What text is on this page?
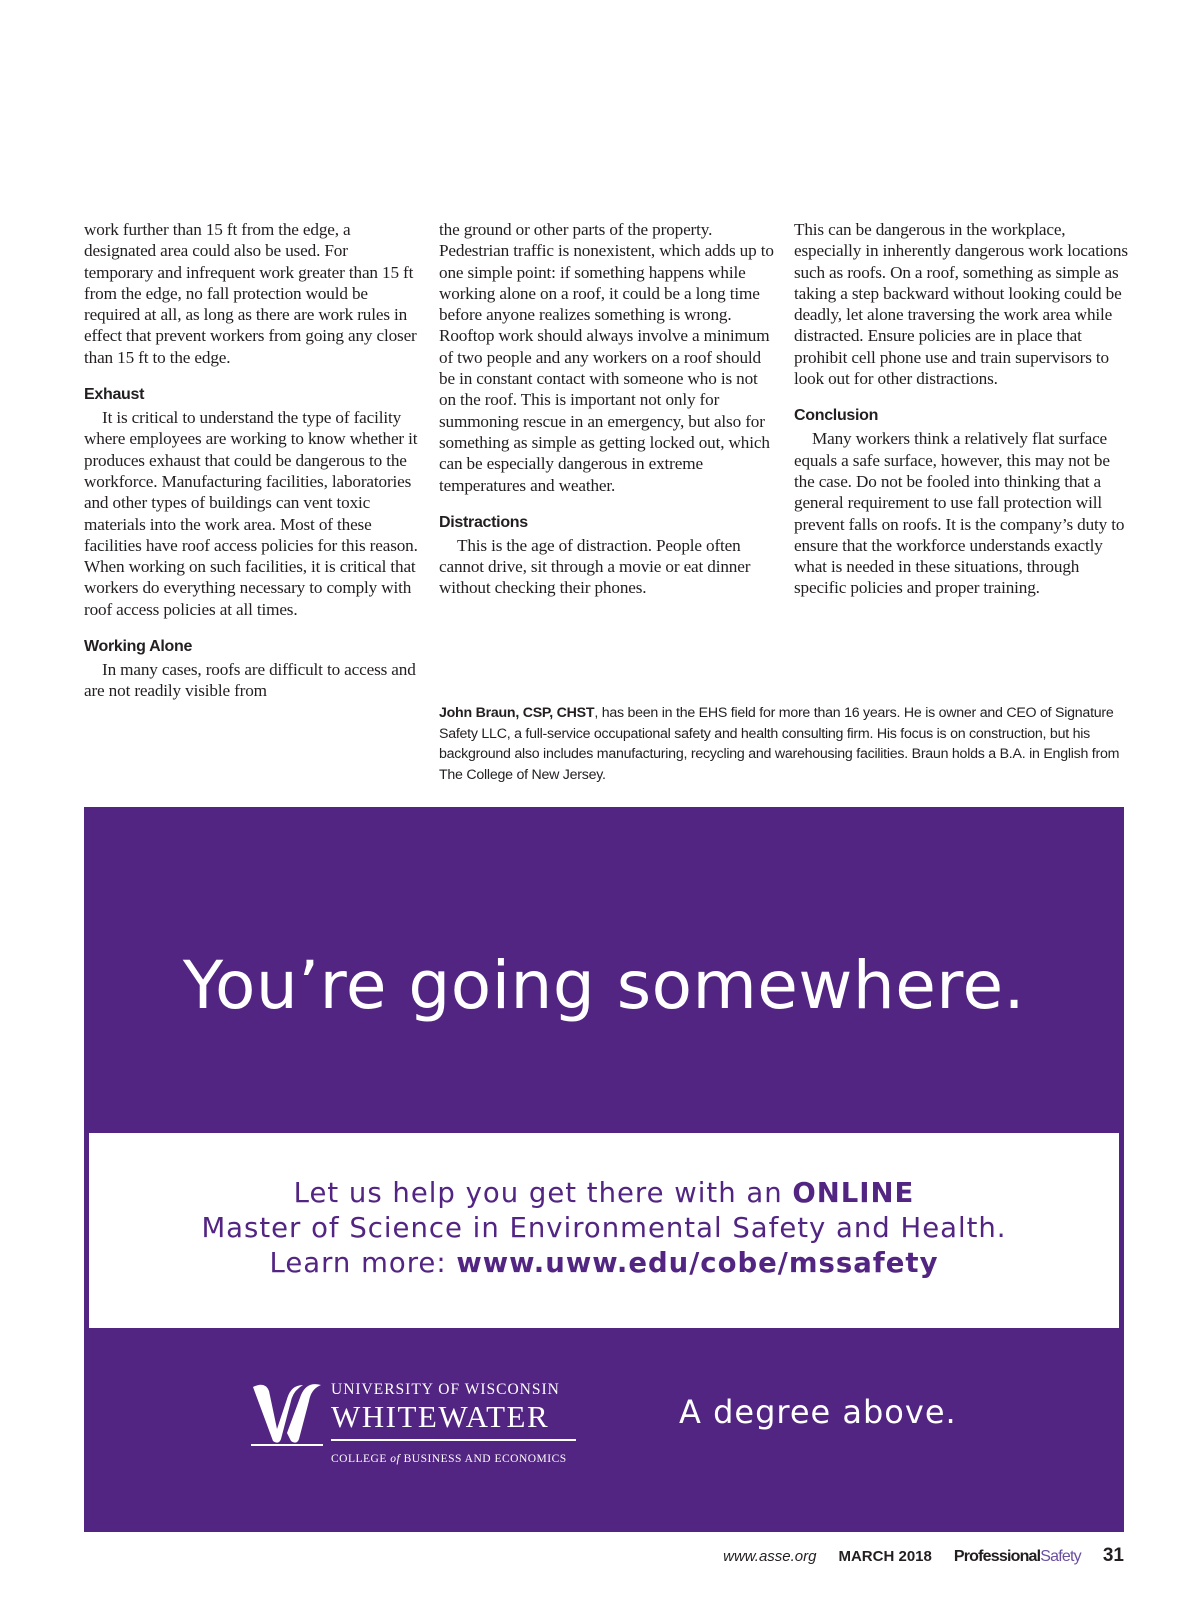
work further than 15 ft from the edge, a designated area could also be used. For temporary and infrequent work greater than 15 ft from the edge, no fall protection would be required at all, as long as there are work rules in effect that prevent workers from going any closer than 15 ft to the edge.

Exhaust

It is critical to understand the type of facility where employees are working to know whether it produces exhaust that could be dangerous to the workforce. Manufacturing facilities, laboratories and other types of buildings can vent toxic materials into the work area. Most of these facilities have roof access policies for this reason. When working on such facilities, it is critical that workers do everything necessary to comply with roof access policies at all times.

Working Alone

In many cases, roofs are difficult to access and are not readily visible from

the ground or other parts of the property. Pedestrian traffic is nonexistent, which adds up to one simple point: if something happens while working alone on a roof, it could be a long time before anyone realizes something is wrong. Rooftop work should always involve a minimum of two people and any workers on a roof should be in constant contact with someone who is not on the roof. This is important not only for summoning rescue in an emergency, but also for something as simple as getting locked out, which can be especially dangerous in extreme temperatures and weather.

Distractions

This is the age of distraction. People often cannot drive, sit through a movie or eat dinner without checking their phones.

This can be dangerous in the workplace, especially in inherently dangerous work locations such as roofs. On a roof, something as simple as taking a step backward without looking could be deadly, let alone traversing the work area while distracted. Ensure policies are in place that prohibit cell phone use and train supervisors to look out for other distractions.

Conclusion

Many workers think a relatively flat surface equals a safe surface, however, this may not be the case. Do not be fooled into thinking that a general requirement to use fall protection will prevent falls on roofs. It is the company’s duty to ensure that the workforce understands exactly what is needed in these situations, through specific policies and proper training.

John Braun, CSP, CHST, has been in the EHS field for more than 16 years. He is owner and CEO of Signature Safety LLC, a full-service occupational safety and health consulting firm. His focus is on construction, but his background also includes manufacturing, recycling and warehousing facilities. Braun holds a B.A. in English from The College of New Jersey.

You’re going somewhere.
Let us help you get there with an ONLINE
Master of Science in Environmental Safety and Health.
Learn more: www.uww.edu/cobe/mssafety
UNIVERSITY OF WISCONSIN
WHITEWATER
COLLEGE of BUSINESS AND ECONOMICS
A degree above.
www.asse.org MARCH 2018 ProfessionalSafety 31
